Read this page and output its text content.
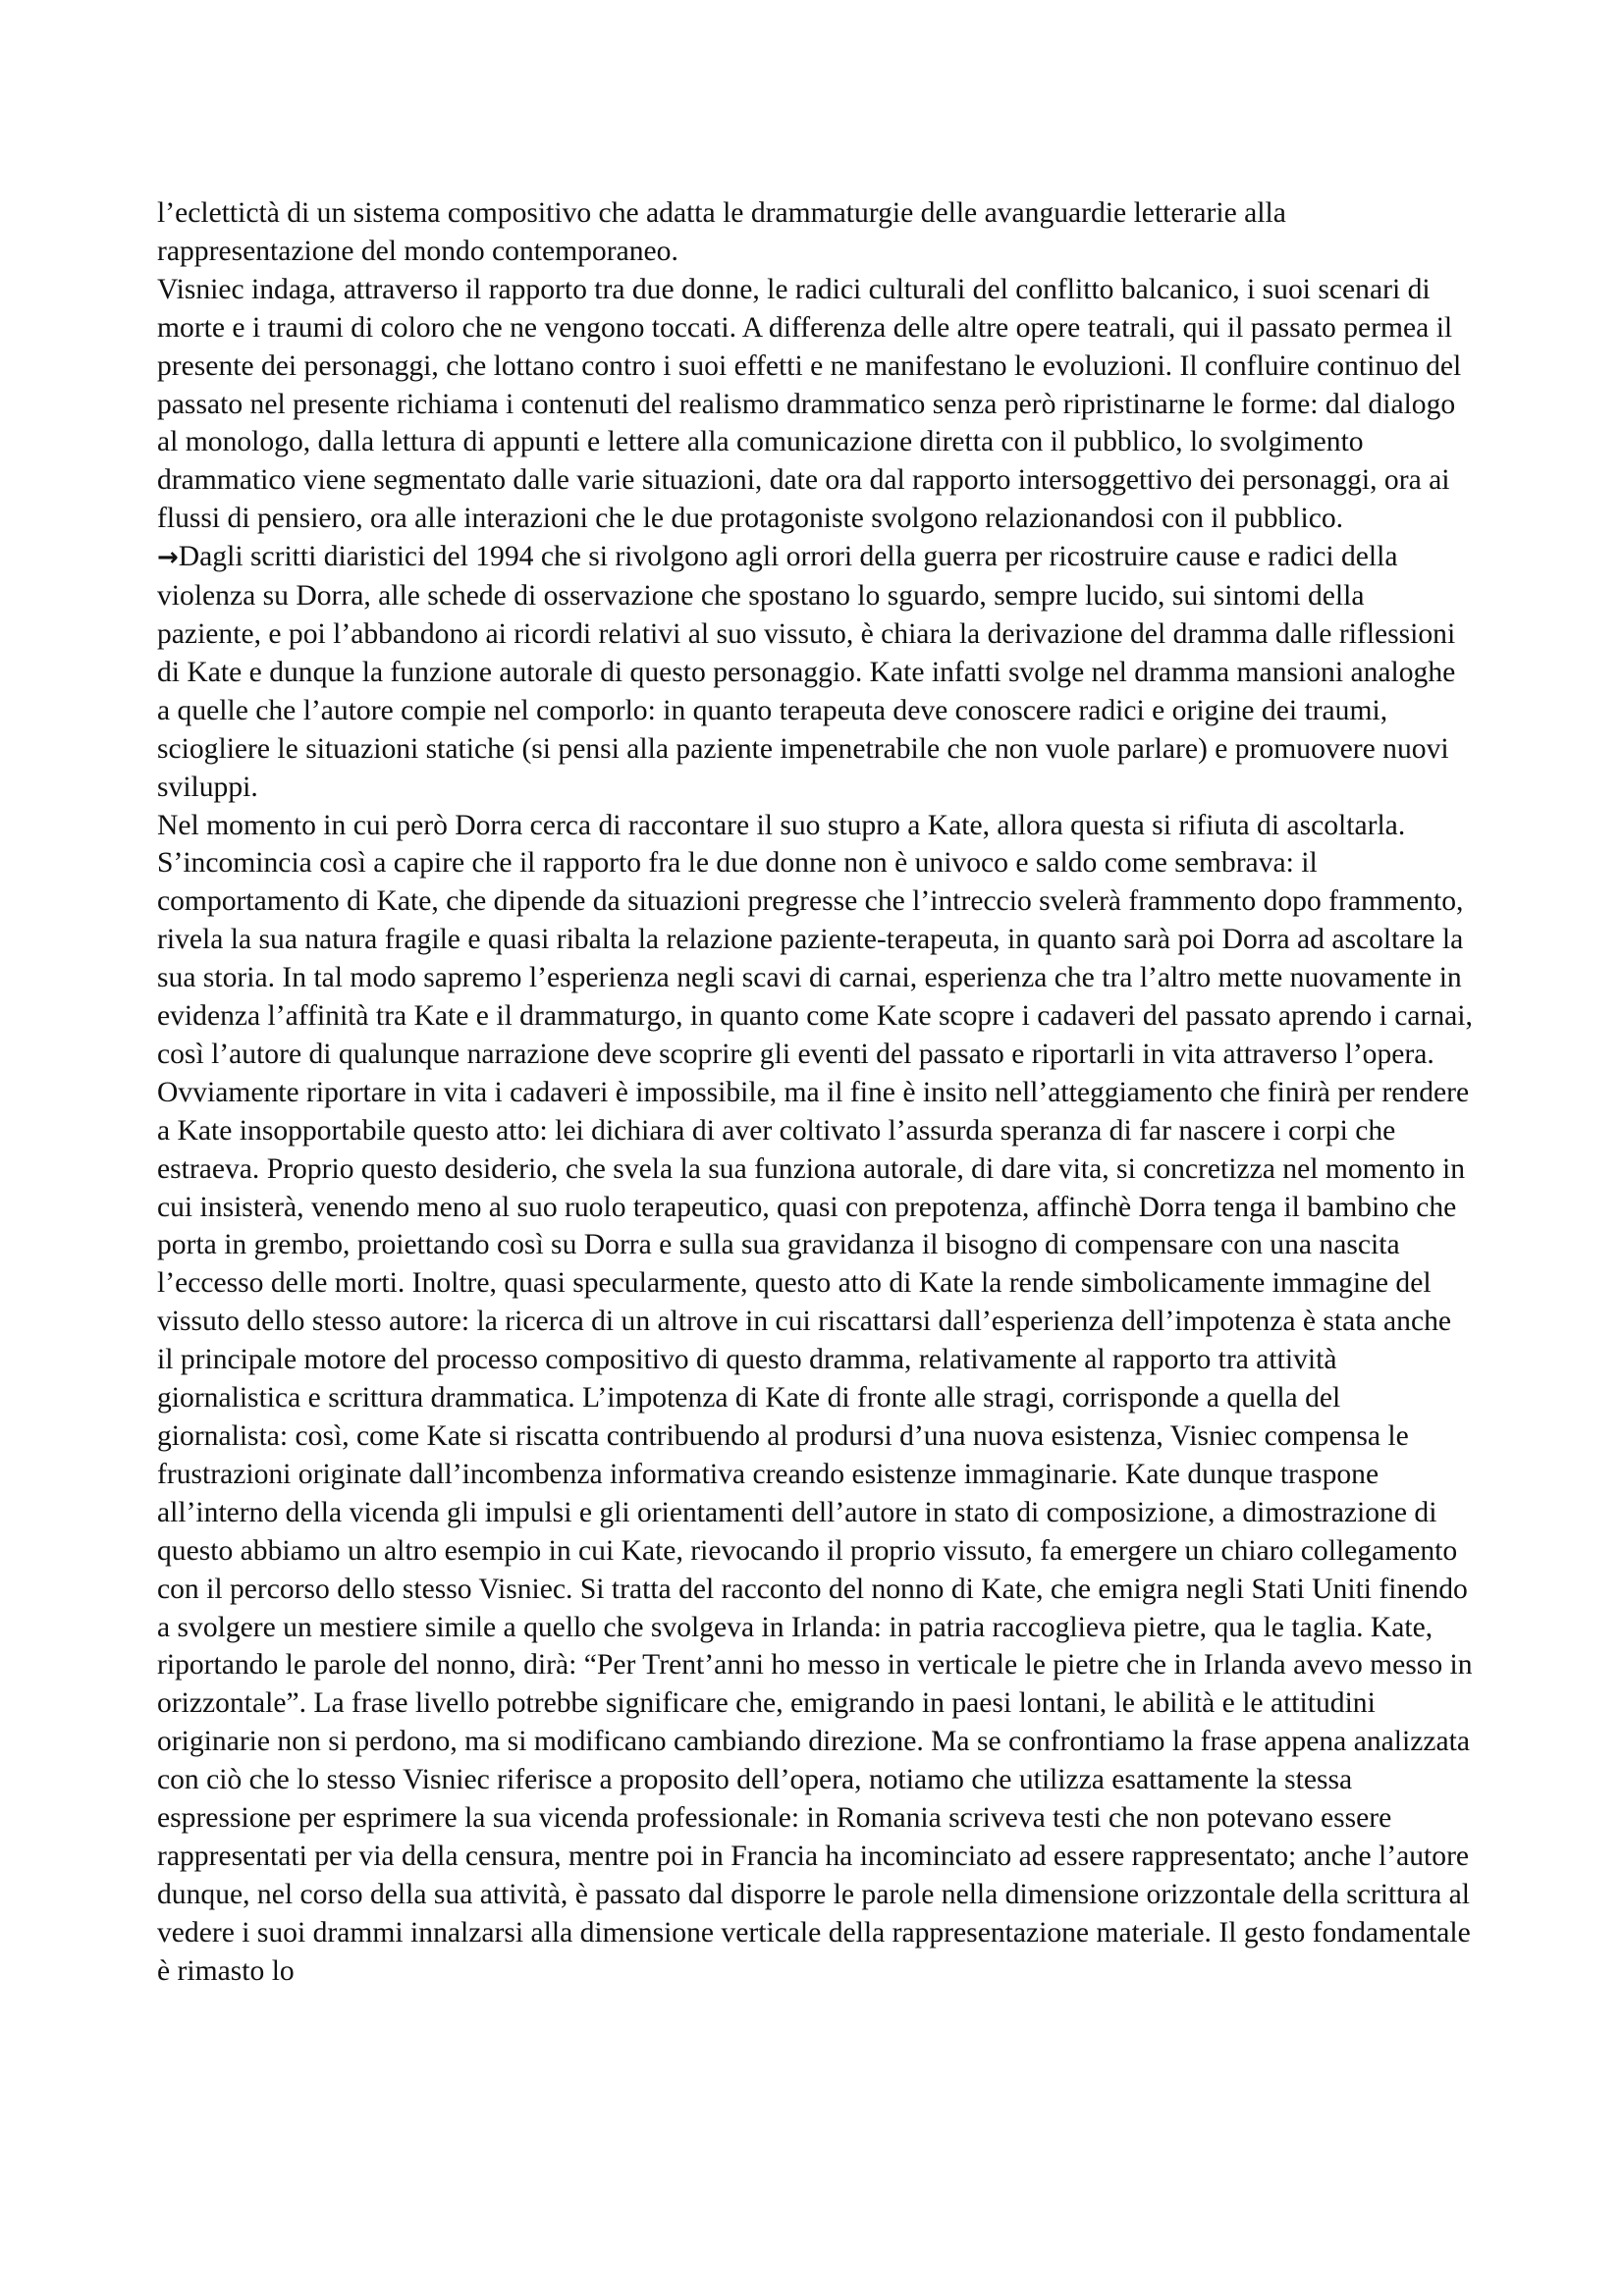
l’eclettictà di un sistema compositivo che adatta le drammaturgie delle avanguardie letterarie alla rappresentazione del mondo contemporaneo.

Visniec indaga, attraverso il rapporto tra due donne, le radici culturali del conflitto balcanico, i suoi scenari di morte e i traumi di coloro che ne vengono toccati. A differenza delle altre opere teatrali, qui il passato permea il presente dei personaggi, che lottano contro i suoi effetti e ne manifestano le evoluzioni. Il confluire continuo del passato nel presente richiama i contenuti del realismo drammatico senza però ripristinarne le forme: dal dialogo al monologo, dalla lettura di appunti e lettere alla comunicazione diretta con il pubblico, lo svolgimento drammatico viene segmentato dalle varie situazioni, date ora dal rapporto intersoggettivo dei personaggi, ora ai flussi di pensiero, ora alle interazioni che le due protagoniste svolgono relazionandosi con il pubblico.

→Dagli scritti diaristici del 1994 che si rivolgono agli orrori della guerra per ricostruire cause e radici della violenza su Dorra, alle schede di osservazione che spostano lo sguardo, sempre lucido, sui sintomi della paziente, e poi l’abbandono ai ricordi relativi al suo vissuto, è chiara la derivazione del dramma dalle riflessioni di Kate e dunque la funzione autorale di questo personaggio. Kate infatti svolge nel dramma mansioni analoghe a quelle che l’autore compie nel comporlo: in quanto terapeuta deve conoscere radici e origine dei traumi, sciogliere le situazioni statiche (si pensi alla paziente impenetrabile che non vuole parlare) e promuovere nuovi sviluppi.

Nel momento in cui però Dorra cerca di raccontare il suo stupro a Kate, allora questa si rifiuta di ascoltarla. S’incomincia così a capire che il rapporto fra le due donne non è univoco e saldo come sembrava: il comportamento di Kate, che dipende da situazioni pregresse che l’intreccio svelerà frammento dopo frammento, rivela la sua natura fragile e quasi ribalta la relazione paziente-terapeuta, in quanto sarà poi Dorra ad ascoltare la sua storia. In tal modo sapremo l’esperienza negli scavi di carnai, esperienza che tra l’altro mette nuovamente in evidenza l’affinità tra Kate e il drammaturgo, in quanto come Kate scopre i cadaveri del passato aprendo i carnai, così l’autore di qualunque narrazione deve scoprire gli eventi del passato e riportarli in vita attraverso l’opera. Ovviamente riportare in vita i cadaveri è impossibile, ma il fine è insito nell’atteggiamento che finirà per rendere a Kate insopportabile questo atto: lei dichiara di aver coltivato l’assurda speranza di far nascere i corpi che estraeva. Proprio questo desiderio, che svela la sua funziona autorale, di dare vita, si concretizza nel momento in cui insisterà, venendo meno al suo ruolo terapeutico, quasi con prepotenza, affinchè Dorra tenga il bambino che porta in grembo, proiettando così su Dorra e sulla sua gravidanza il bisogno di compensare con una nascita l’eccesso delle morti. Inoltre, quasi specularmente, questo atto di Kate la rende simbolicamente immagine del vissuto dello stesso autore: la ricerca di un altrove in cui riscattarsi dall’esperienza dell’impotenza è stata anche il principale motore del processo compositivo di questo dramma, relativamente al rapporto tra attività giornalistica e scrittura drammatica. L’impotenza di Kate di fronte alle stragi, corrisponde a quella del giornalista: così, come Kate si riscatta contribuendo al prodursi d’una nuova esistenza, Visniec compensa le frustrazioni originate dall’incombenza informativa creando esistenze immaginarie. Kate dunque traspone all’interno della vicenda gli impulsi e gli orientamenti dell’autore in stato di composizione, a dimostrazione di questo abbiamo un altro esempio in cui Kate, rievocando il proprio vissuto, fa emergere un chiaro collegamento con il percorso dello stesso Visniec. Si tratta del racconto del nonno di Kate, che emigra negli Stati Uniti finendo a svolgere un mestiere simile a quello che svolgeva in Irlanda: in patria raccoglieva pietre, qua le taglia. Kate, riportando le parole del nonno, dirà: “Per Trent’anni ho messo in verticale le pietre che in Irlanda avevo messo in orizzontale”. La frase livello potrebbe significare che, emigrando in paesi lontani, le abilità e le attitudini originarie non si perdono, ma si modificano cambiando direzione. Ma se confrontiamo la frase appena analizzata con ciò che lo stesso Visniec riferisce a proposito dell’opera, notiamo che utilizza esattamente la stessa espressione per esprimere la sua vicenda professionale: in Romania scriveva testi che non potevano essere rappresentati per via della censura, mentre poi in Francia ha incominciato ad essere rappresentato; anche l’autore dunque, nel corso della sua attività, è passato dal disporre le parole nella dimensione orizzontale della scrittura al vedere i suoi drammi innalzarsi alla dimensione verticale della rappresentazione materiale. Il gesto fondamentale è rimasto lo
